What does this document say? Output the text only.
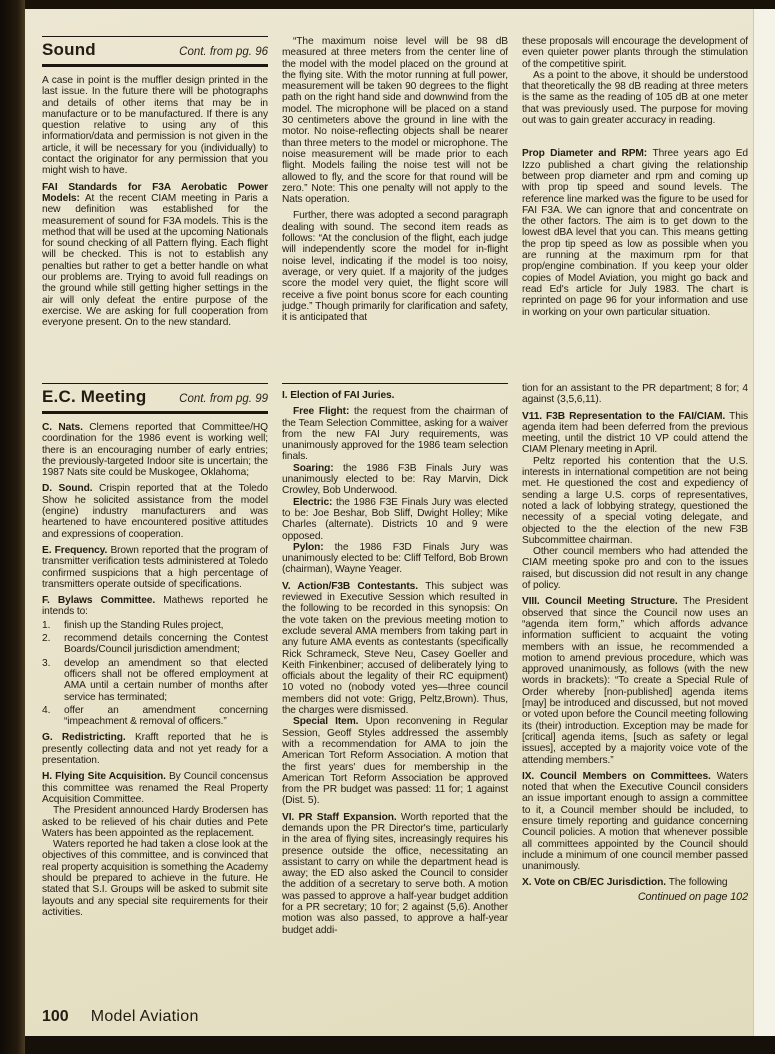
Sound	Cont. from pg. 96

A case in point is the muffler design printed in the last issue. In the future there will be photographs and details of other items that may be in manufacture or to be manufactured. If there is any question relative to using any of this information/data and permission is not given in the article, it will be necessary for you (individually) to contact the originator for any permission that you might wish to have.

FAI Standards for F3A Aerobatic Power Models: At the recent CIAM meeting in Paris a new definition was established for the measurement of sound for F3A models. This is the method that will be used at the upcoming Nationals for sound checking of all Pattern flying. Each flight will be checked. This is not to establish any penalties but rather to get a better handle on what our problems are. Trying to avoid full readings on the ground while still getting higher settings in the air will only defeat the entire purpose of the exercise. We are asking for full cooperation from everyone present. On to the new standard.

“The maximum noise level will be 98 dB measured at three meters from the center line of the model with the model placed on the ground at the flying site. With the motor running at full power, measurement will be taken 90 degrees to the flight path on the right hand side and downwind from the model. The microphone will be placed on a stand 30 centimeters above the ground in line with the motor. No noise-reflecting objects shall be nearer than three meters to the model or microphone. The noise measurement will be made prior to each flight. Models failing the noise test will not be allowed to fly, and the score for that round will be zero.” Note: This one penalty will not apply to the Nats operation.

Further, there was adopted a second paragraph dealing with sound. The second item reads as follows: “At the conclusion of the flight, each judge will independently score the model for in-flight noise level, indicating if the model is too noisy, average, or very quiet. If a majority of the judges score the model very quiet, the flight score will receive a five point bonus score for each counting judge.” Though primarily for clarification and safety, it is anticipated that

these proposals will encourage the development of even quieter power plants through the stimulation of the competitive spirit.

As a point to the above, it should be understood that theoretically the 98 dB reading at three meters is the same as the reading of 105 dB at one meter that was previously used. The purpose for moving out was to gain greater accuracy in reading.

Prop Diameter and RPM: Three years ago Ed Izzo published a chart giving the relationship between prop diameter and rpm and coming up with prop tip speed and sound levels. The reference line marked was the figure to be used for FAI F3A. We can ignore that and concentrate on the other factors. The aim is to get down to the lowest dBA level that you can. This means getting the prop tip speed as low as possible when you are running at the maximum rpm for that prop/engine combination. If you keep your older copies of Model Aviation, you might go back and read Ed's article for July 1983. The chart is reprinted on page 96 for your information and use in working on your own particular situation.

E.C. Meeting	Cont. from pg. 99

C. Nats. Clemens reported that Committee/HQ coordination for the 1986 event is working well; there is an encouraging number of early entries; the previously-targeted Indoor site is uncertain; the 1987 Nats site could be Muskogee, Oklahoma;

D. Sound. Crispin reported that at the Toledo Show he solicited assistance from the model (engine) industry manufacturers and was heartened to have encountered positive attitudes and expressions of cooperation.

E. Frequency. Brown reported that the program of transmitter verification tests administered at Toledo confirmed suspicions that a high percentage of transmitters operate outside of specifications.

F. Bylaws Committee. Mathews reported he intends to:

1.	finish up the Standing Rules project,
2.	recommend details concerning the Contest Boards/Council jurisdiction amendment;
3.	develop an amendment so that elected officers shall not be offered employment at AMA until a certain number of months after service has terminated;
4.	offer an amendment concerning “impeachment & removal of officers.”

G. Redistricting. Krafft reported that he is presently collecting data and not yet ready for a presentation.

H. Flying Site Acquisition. By Council concensus this committee was renamed the Real Property Acquisition Committee.

The President announced Hardy Brodersen has asked to be relieved of his chair duties and Pete Waters has been appointed as the replacement.

Waters reported he had taken a close look at the objectives of this committee, and is convinced that real property acquisition is something the Academy should be prepared to achieve in the future. He stated that S.I. Groups will be asked to submit site layouts and any special site requirements for their activities.

I. Election of FAI Juries.

Free Flight: the request from the chairman of the Team Selection Committee, asking for a waiver from the new FAI Jury requirements, was unanimously approved for the 1986 team selection finals.

Soaring: the 1986 F3B Finals Jury was unanimously elected to be: Ray Marvin, Dick Crowley, Bob Underwood.

Electric: the 1986 F3E Finals Jury was elected to be: Joe Beshar, Bob Sliff, Dwight Holley; Mike Charles (alternate). Districts 10 and 9 were opposed.

Pylon: the 1986 F3D Finals Jury was unanimously elected to be: Cliff Telford, Bob Brown (chairman), Wayne Yeager.

V. Action/F3B Contestants. This subject was reviewed in Executive Session which resulted in the following to be recorded in this synopsis: On the vote taken on the previous meeting motion to exclude several AMA members from taking part in any future AMA events as contestants (specifically Rick Schrameck, Steve Neu, Casey Goeller and Keith Finkenbiner; accused of deliberately lying to officials about the legality of their RC equipment) 10 voted no (nobody voted yes—three council members did not vote: Grigg, Peltz,Brown). Thus, the charges were dismissed.

Special Item. Upon reconvening in Regular Session, Geoff Styles addressed the assembly with a recommendation for AMA to join the American Tort Reform Association. A motion that the first years' dues for membership in the American Tort Reform Association be approved from the PR budget was passed: 11 for; 1 against (Dist. 5).

VI. PR Staff Expansion. Worth reported that the demands upon the PR Director's time, particularly in the area of flying sites, increasingly requires his presence outside the office, necessitating an assistant to carry on while the department head is away; the ED also asked the Council to consider the addition of a secretary to serve both. A motion was passed to approve a half-year budget addition for a PR secretary; 10 for; 2 against (5,6). Another motion was also passed, to approve a half-year budget addi-

tion for an assistant to the PR department; 8 for; 4 against (3,5,6,11).

V11. F3B Representation to the FAI/CIAM. This agenda item had been deferred from the previous meeting, until the district 10 VP could attend the CIAM Plenary meeting in April.

Peltz reported his contention that the U.S. interests in international competition are not being met. He questioned the cost and expediency of sending a large U.S. corps of representatives, noted a lack of lobbying strategy, questioned the necessity of a special voting delegate, and objected to the the election of the new F3B Subcommittee chairman.

Other council members who had attended the CIAM meeting spoke pro and con to the issues raised, but discussion did not result in any change of policy.

VIII. Council Meeting Structure. The President observed that since the Council now uses an “agenda item form,” which affords advance information sufficient to acquaint the voting members with an issue, he recommended a motion to amend previous procedure, which was approved unanimously, as follows (with the new words in brackets): “To create a Special Rule of Order whereby [non-published] agenda items [may] be introduced and discussed, but not moved or voted upon before the Council meeting following its (their) introduction. Exception may be made for [critical] agenda items, [such as safety or legal issues], accepted by a majority voice vote of the attending members.”

IX. Council Members on Committees. Waters noted that when the Executive Council considers an issue important enough to assign a committee to it, a Council member should be included, to ensure timely reporting and guidance concerning Council policies. A motion that whenever possible all committees appointed by the Council should include a minimum of one council member passed unanimously.

X. Vote on CB/EC Jurisdiction. The following

Continued on page 102

100 Model Aviation
